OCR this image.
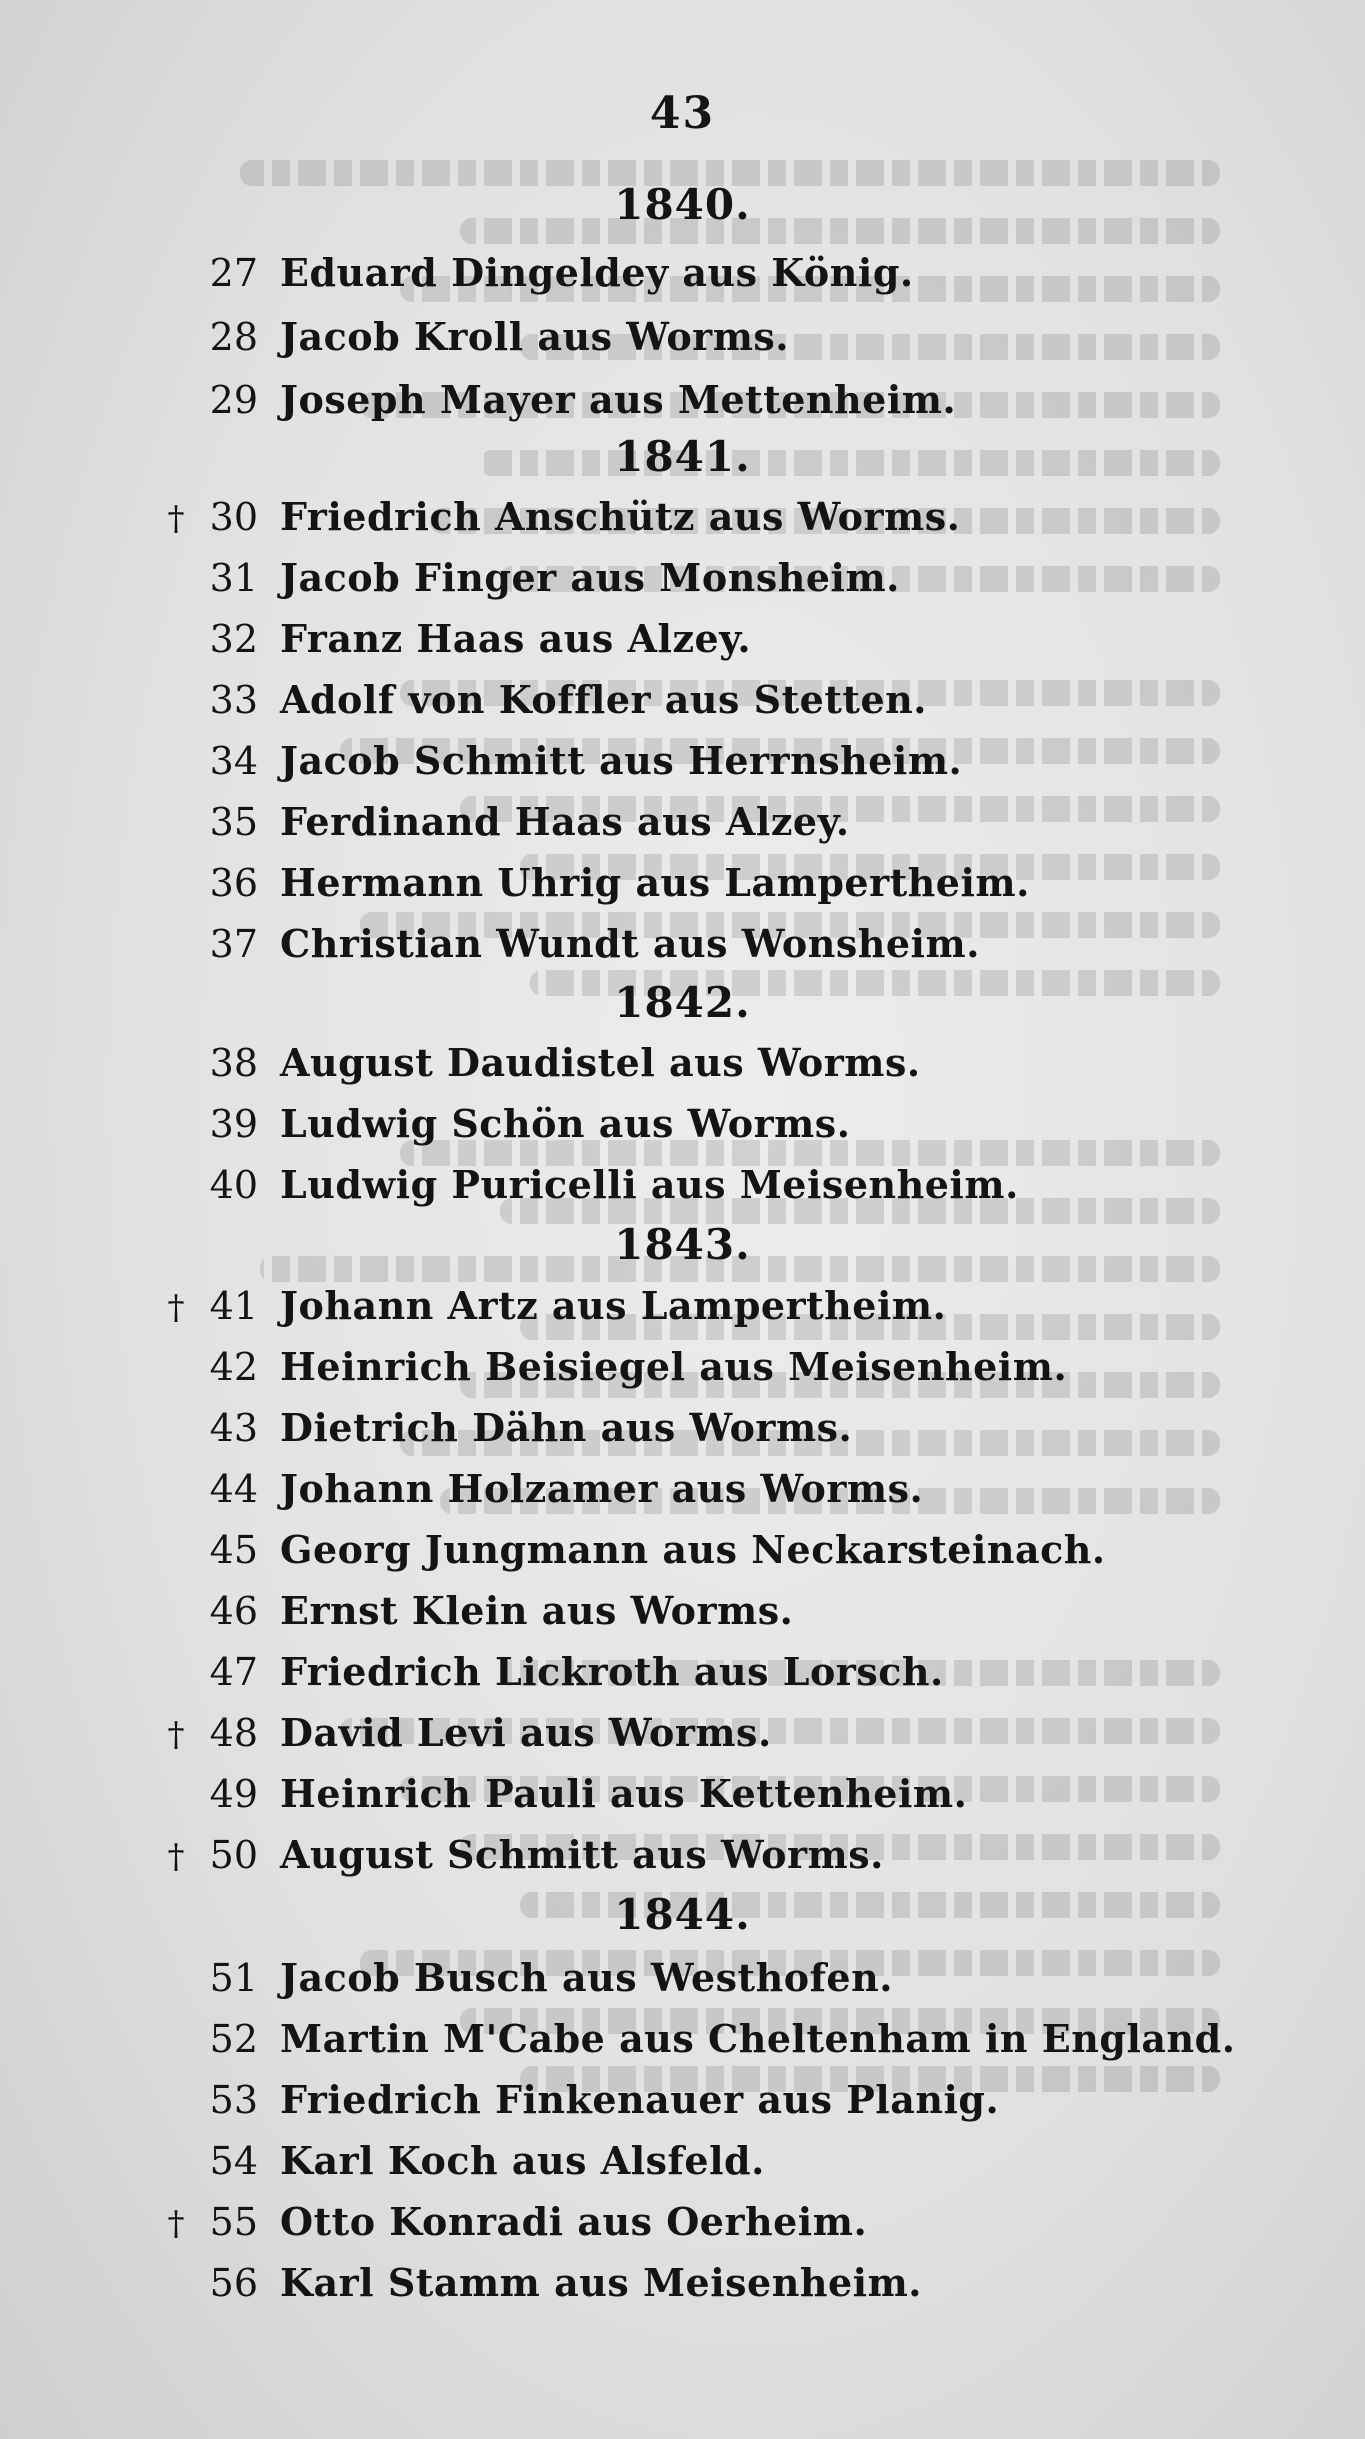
43
1840.
27 Eduard Dingeldey aus König.
28 Jacob Kroll aus Worms.
29 Joseph Mayer aus Mettenheim.
1841.
† 30 Friedrich Anschütz aus Worms.
31 Jacob Finger aus Monsheim.
32 Franz Haas aus Alzey.
33 Adolf von Koffler aus Stetten.
34 Jacob Schmitt aus Herrnsheim.
35 Ferdinand Haas aus Alzey.
36 Hermann Uhrig aus Lampertheim.
37 Christian Wundt aus Wonsheim.
1842.
38 August Daudistel aus Worms.
39 Ludwig Schön aus Worms.
40 Ludwig Puricelli aus Meisenheim.
1843.
† 41 Johann Artz aus Lampertheim.
42 Heinrich Beisiegel aus Meisenheim.
43 Dietrich Dähn aus Worms.
44 Johann Holzamer aus Worms.
45 Georg Jungmann aus Neckarsteinach.
46 Ernst Klein aus Worms.
47 Friedrich Lickroth aus Lorsch.
† 48 David Levi aus Worms.
49 Heinrich Pauli aus Kettenheim.
† 50 August Schmitt aus Worms.
1844.
51 Jacob Busch aus Westhofen.
52 Martin M'Cabe aus Cheltenham in England.
53 Friedrich Finkenauer aus Planig.
54 Karl Koch aus Alsfeld.
† 55 Otto Konradi aus Oerheim.
56 Karl Stamm aus Meisenheim.
